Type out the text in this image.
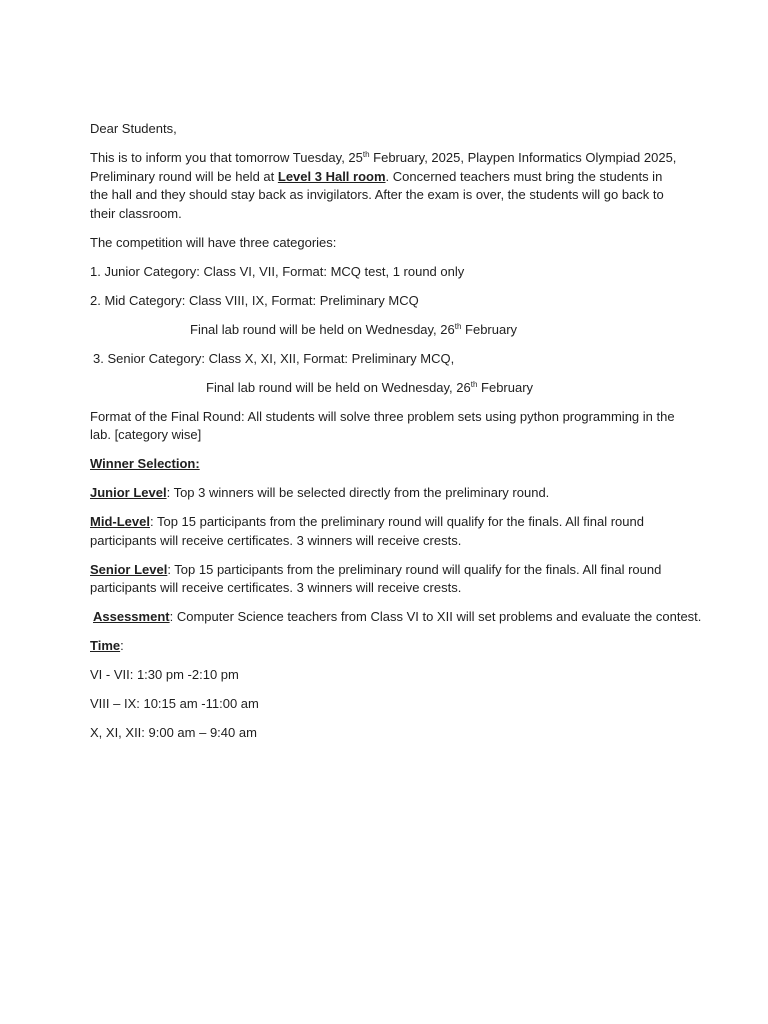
Dear Students,

This is to inform you that tomorrow Tuesday, 25th February, 2025, Playpen Informatics Olympiad 2025, Preliminary round will be held at Level 3 Hall room. Concerned teachers must bring the students in the hall and they should stay back as invigilators. After the exam is over, the students will go back to their classroom.

The competition will have three categories:

1. Junior Category: Class VI, VII, Format: MCQ test, 1 round only

2. Mid Category: Class VIII, IX, Format: Preliminary MCQ

Final lab round will be held on Wednesday, 26th February

3. Senior Category: Class X, XI, XII, Format: Preliminary MCQ,

Final lab round will be held on Wednesday, 26th February

Format of the Final Round: All students will solve three problem sets using python programming in the lab. [category wise]

Winner Selection:

Junior Level: Top 3 winners will be selected directly from the preliminary round.

Mid-Level: Top 15 participants from the preliminary round will qualify for the finals. All final round participants will receive certificates. 3 winners will receive crests.

Senior Level: Top 15 participants from the preliminary round will qualify for the finals. All final round participants will receive certificates. 3 winners will receive crests.

Assessment: Computer Science teachers from Class VI to XII will set problems and evaluate the contest.

Time:

VI - VII: 1:30 pm -2:10 pm

VIII – IX: 10:15 am -11:00 am

X, XI, XII: 9:00 am – 9:40 am
